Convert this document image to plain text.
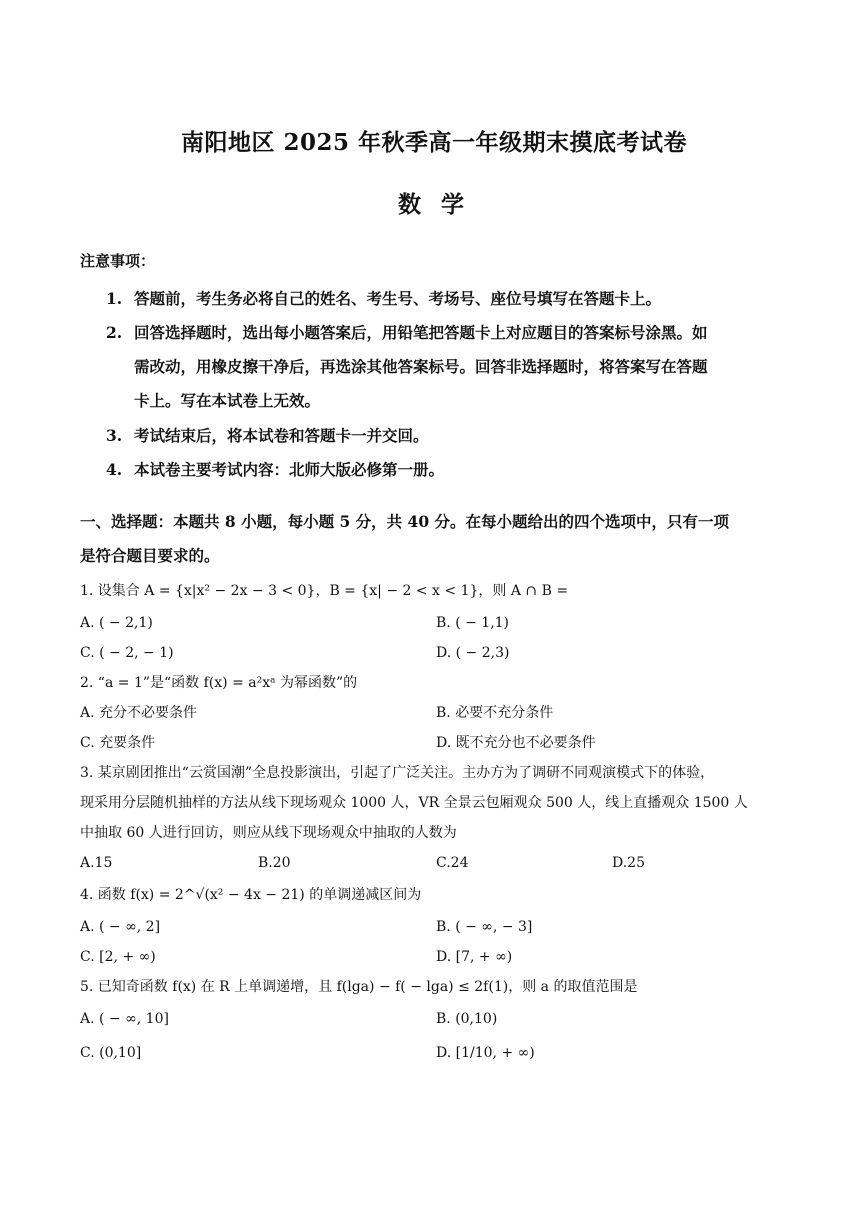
南阳地区 2025 年秋季高一年级期末摸底考试卷
数 学
注意事项：
1. 答题前，考生务必将自己的姓名、考生号、考场号、座位号填写在答题卡上。
2. 回答选择题时，选出每小题答案后，用铅笔把答题卡上对应题目的答案标号涂黑。如
需改动，用橡皮擦干净后，再选涂其他答案标号。回答非选择题时，将答案写在答题
卡上。写在本试卷上无效。
3. 考试结束后，将本试卷和答题卡一并交回。
4. 本试卷主要考试内容：北师大版必修第一册。
一、选择题：本题共 8 小题，每小题 5 分，共 40 分。在每小题给出的四个选项中，只有一项
是符合题目要求的。
1. 设集合 A = {x|x² − 2x − 3 < 0}，B = {x| − 2 < x < 1}，则 A ∩ B =
A. ( − 2,1)	B. ( − 1,1)
C. ( − 2, − 1)	D. ( − 2,3)
2. “a = 1”是“函数 f(x) = a²xᵃ 为幂函数”的
A. 充分不必要条件	B. 必要不充分条件
C. 充要条件	D. 既不充分也不必要条件
3. 某京剧团推出“云赏国潮”全息投影演出，引起了广泛关注。主办方为了调研不同观演模式下的体验，
现采用分层随机抽样的方法从线下现场观众 1000 人，VR 全景云包厢观众 500 人，线上直播观众 1500 人
中抽取 60 人进行回访，则应从线下现场观众中抽取的人数为
A.15	B.20	C.24	D.25
4. 函数 f(x) = 2^√(x² − 4x − 21) 的单调递减区间为
A. ( − ∞, 2]	B. ( − ∞, − 3]
C. [2, + ∞)	D. [7, + ∞)
5. 已知奇函数 f(x) 在 R 上单调递增，且 f(lga) − f( − lga) ≤ 2f(1)，则 a 的取值范围是
A. ( − ∞, 10]	B. (0,10)
C. (0,10]	D. [1/10, + ∞)
